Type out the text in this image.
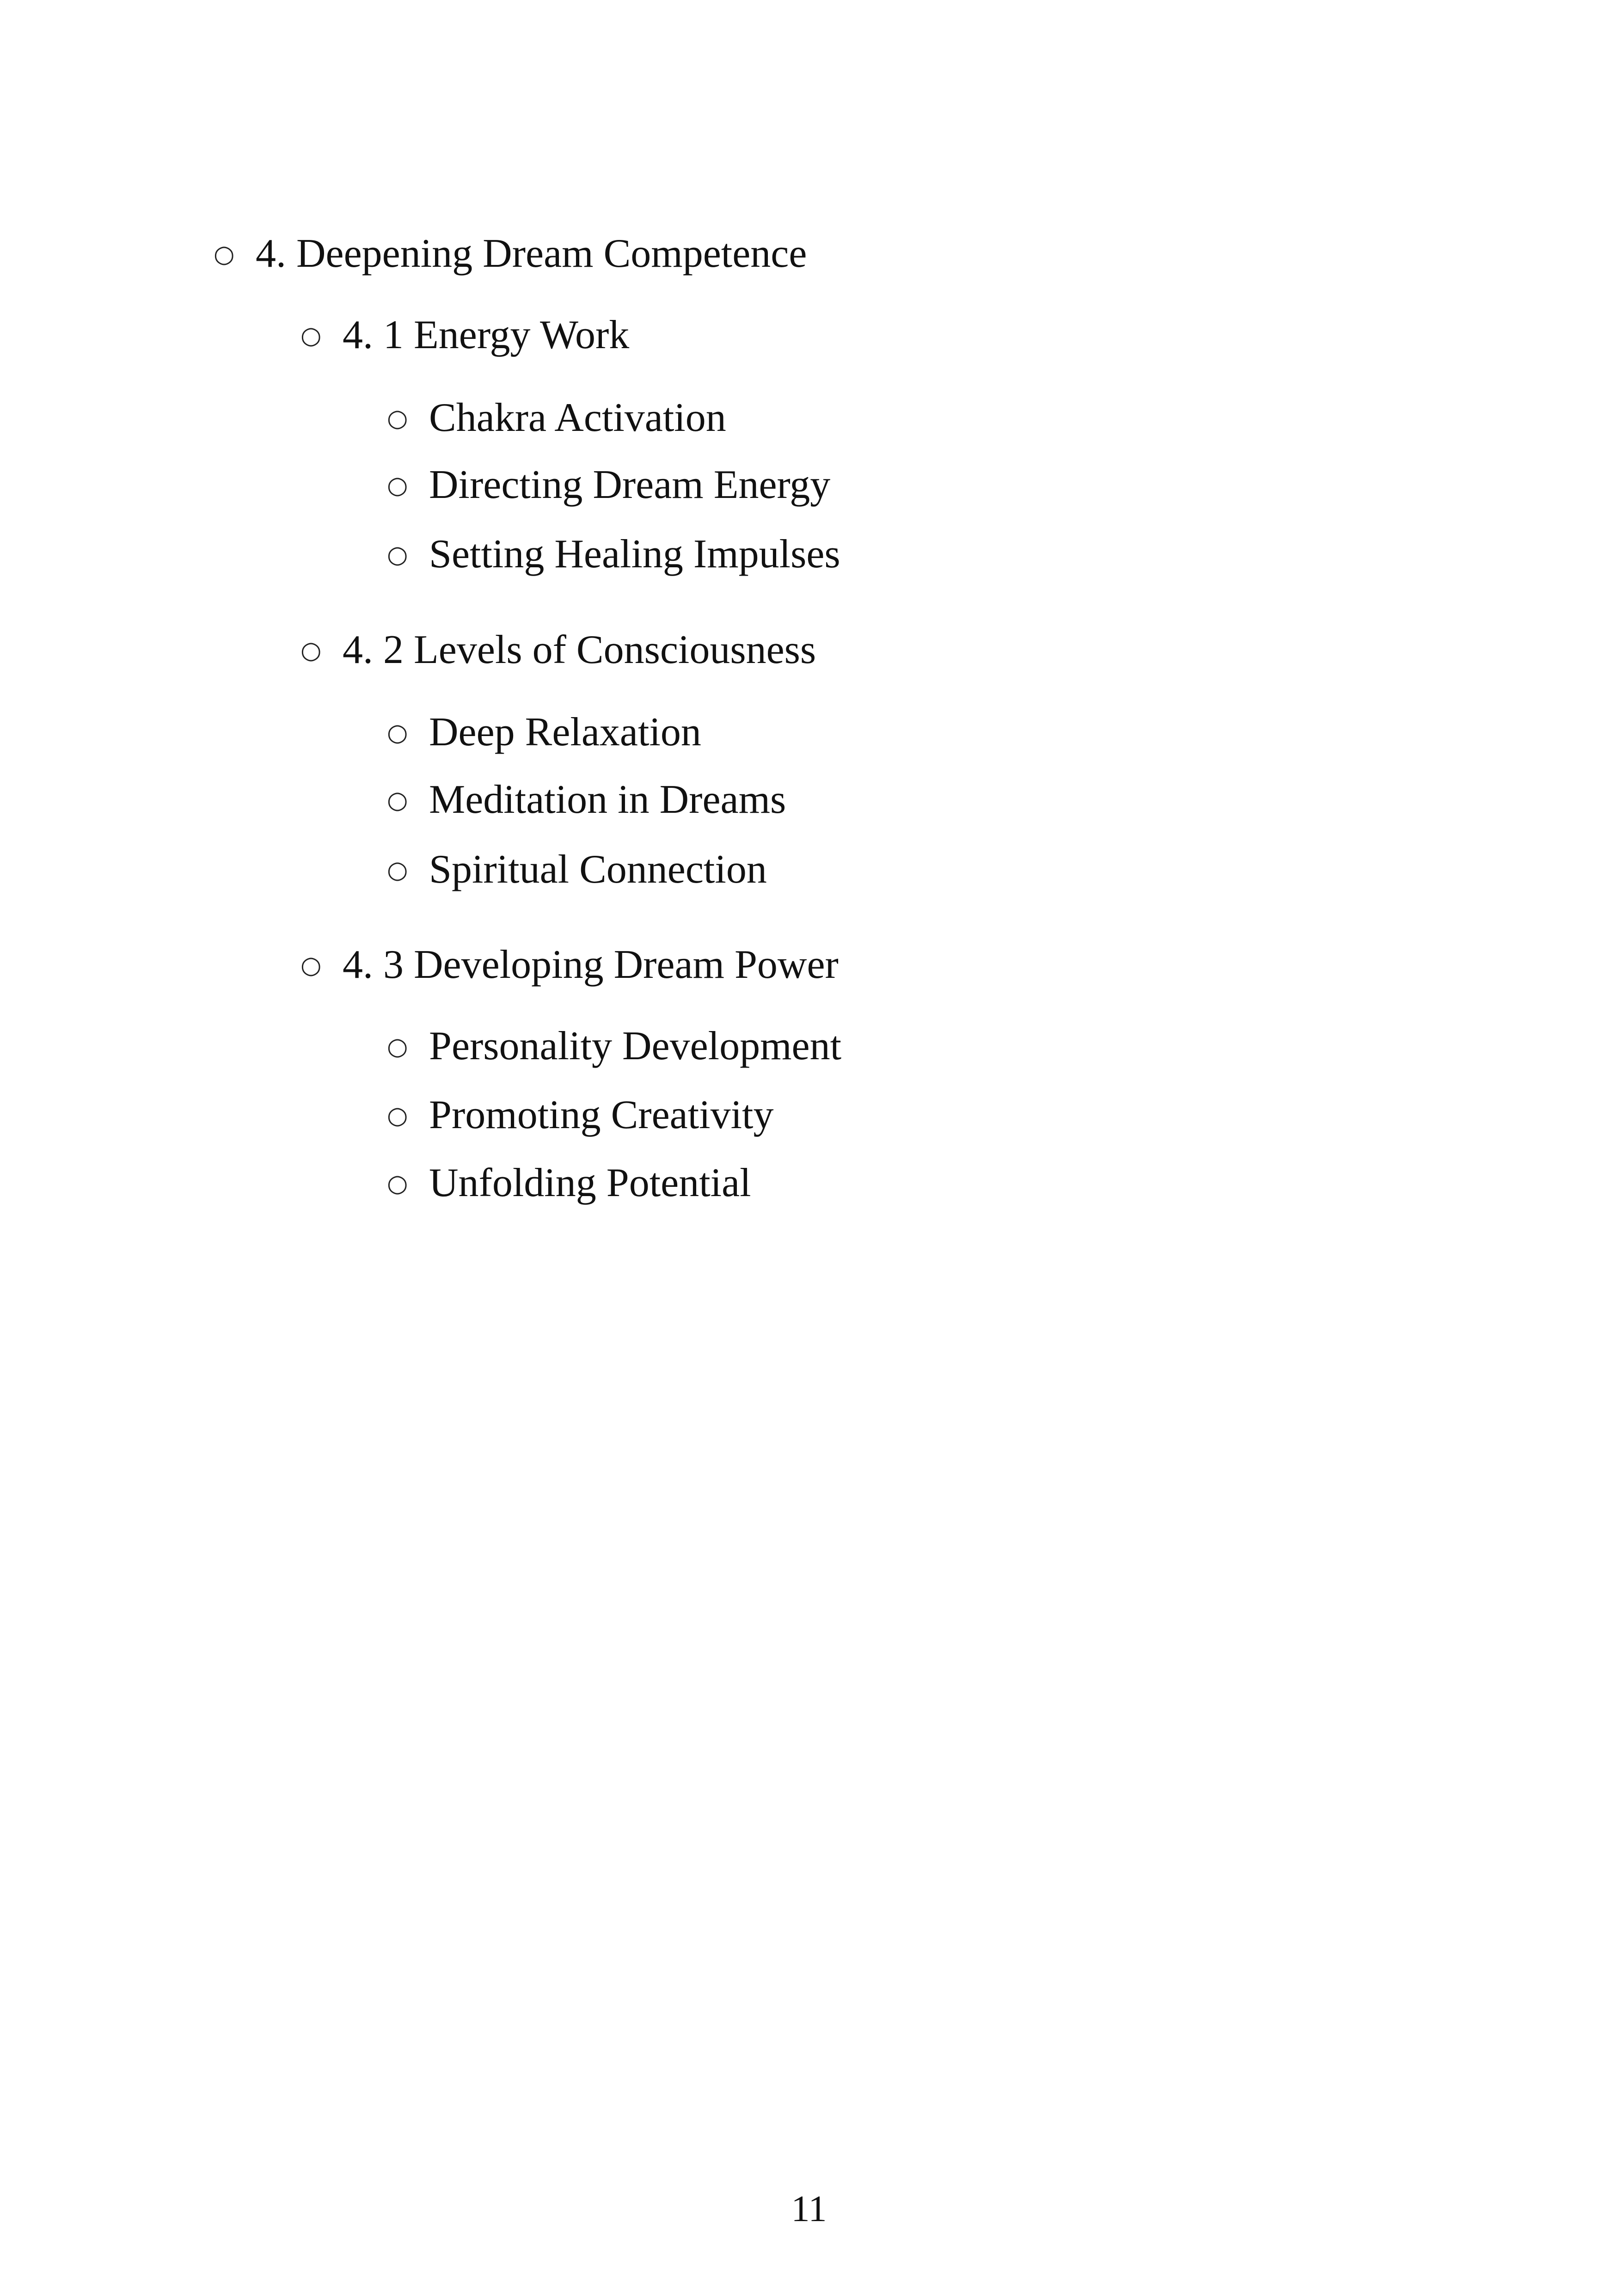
○ 4. Deepening Dream Competence
○ 4. 1 Energy Work
○ Chakra Activation
○ Directing Dream Energy
○ Setting Healing Impulses
○ 4. 2 Levels of Consciousness
○ Deep Relaxation
○ Meditation in Dreams
○ Spiritual Connection
○ 4. 3 Developing Dream Power
○ Personality Development
○ Promoting Creativity
○ Unfolding Potential
11
